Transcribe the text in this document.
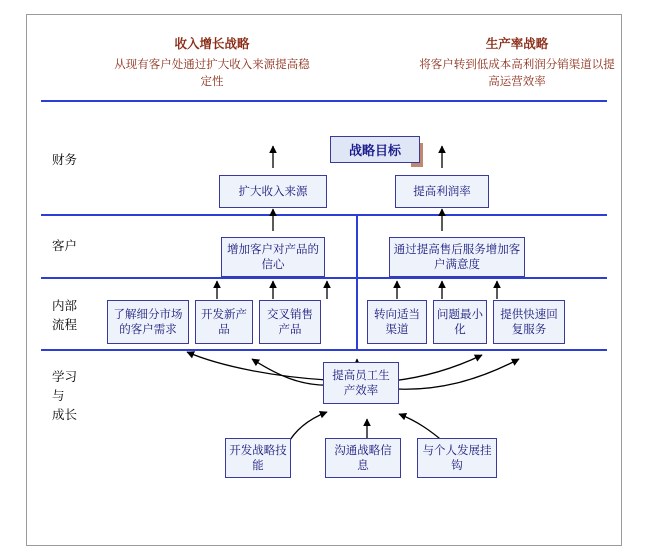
收入增长战略
从现有客户处通过扩大收入来源提高稳定性
生产率战略
将客户转到低成本高利润分销渠道以提高运营效率
财务
客户
内部
流程
学习
与
成长
战略目标
扩大收入来源	提高利润率
增加客户对产品的信心
通过提高售后服务增加客户满意度
了解细分市场的客户需求
开发新产品
交叉销售产品
转向适当渠道
问题最小化
提供快速回复服务
提高员工生产效率
开发战略技能
沟通战略信息
与个人发展挂钩
